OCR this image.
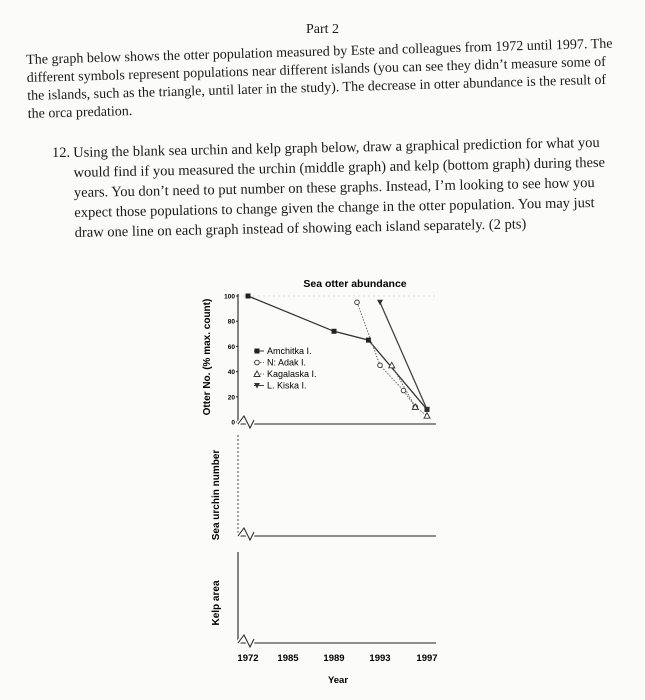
Part 2

The graph below shows the otter population measured by Este and colleagues from 1972 until 1997. The different symbols represent populations near different islands (you can see they didn’t measure some of the islands, such as the triangle, until later in the study). The decrease in otter abundance is the result of the orca predation.

12. Using the blank sea urchin and kelp graph below, draw a graphical prediction for what you would find if you measured the urchin (middle graph) and kelp (bottom graph) during these years. You don’t need to put number on these graphs. Instead, I’m looking to see how you expect those populations to change given the change in the otter population. You may just draw one line on each graph instead of showing each island separately. (2 pts)

Sea otter abundance
Otter No. (% max. count)
100
80
60
40
20
0
Amchitka I.
N: Adak I.
Kagalaska I.
L. Kiska I.
Sea urchin number
Kelp area
1972 1985	1989	1993	1997
Year
